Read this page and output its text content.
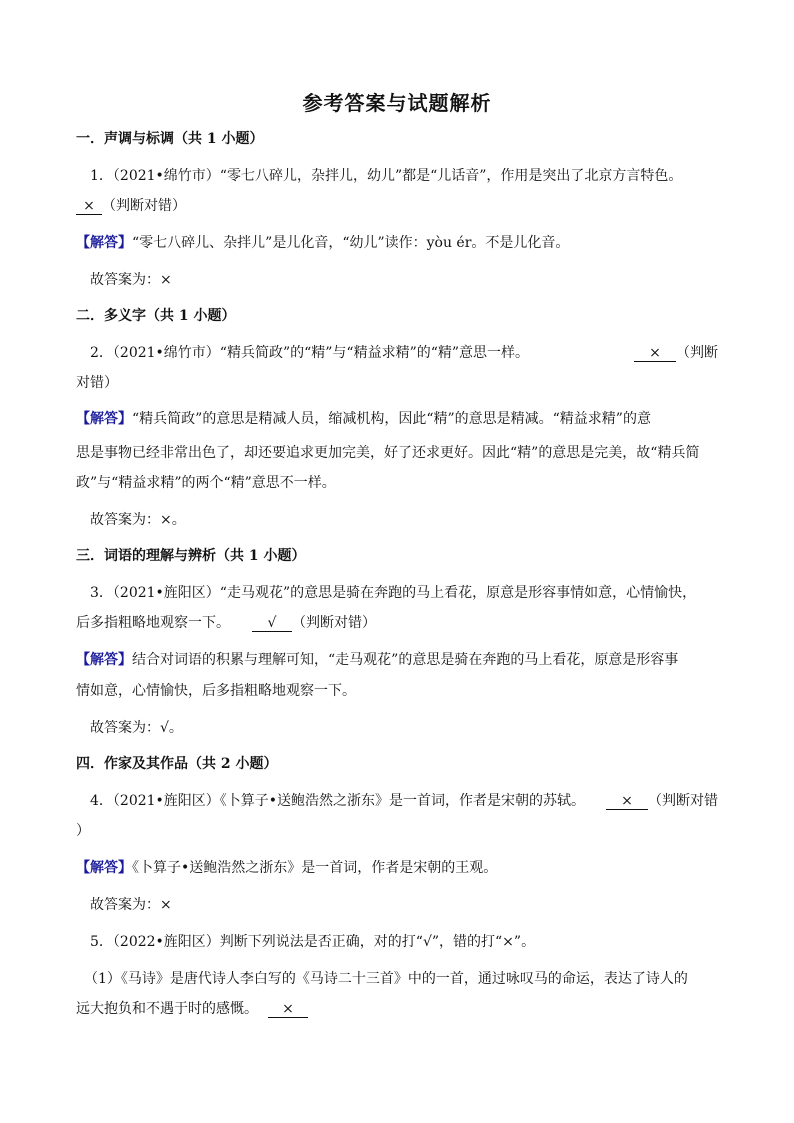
参考答案与试题解析
一．声调与标调（共 1 小题）
1．（2021•绵竹市）“零七八碎儿，杂拌儿，幼儿”都是“儿话音”，作用是突出了北京方言特色。
× （判断对错）
【解答】“零七八碎儿、杂拌儿”是儿化音，“幼儿”读作：yòu ér。不是儿化音。
故答案为：×
二．多义字（共 1 小题）
2．（2021•绵竹市）“精兵简政”的“精”与“精益求精”的“精”意思一样。	× （判断
对错）
【解答】“精兵简政”的意思是精减人员，缩减机构，因此“精”的意思是精减。“精益求精”的意
思是事物已经非常出色了，却还要追求更加完美，好了还求更好。因此“精”的意思是完美，故“精兵简
政”与“精益求精”的两个“精”意思不一样。
故答案为：×。
三．词语的理解与辨析（共 1 小题）
3．（2021•旌阳区）“走马观花”的意思是骑在奔跑的马上看花，原意是形容事情如意，心情愉快，
后多指粗略地观察一下。	√ （判断对错）
【解答】结合对词语的积累与理解可知，“走马观花”的意思是骑在奔跑的马上看花，原意是形容事
情如意，心情愉快，后多指粗略地观察一下。
故答案为：√。
四．作家及其作品（共 2 小题）
4．（2021•旌阳区）《卜算子•送鲍浩然之浙东》是一首词，作者是宋朝的苏轼。	× （判断对错
）
【解答】《卜算子•送鲍浩然之浙东》是一首词，作者是宋朝的王观。
故答案为：×
5．（2022•旌阳区）判断下列说法是否正确，对的打“√”，错的打“×”。
（1）《马诗》是唐代诗人李白写的《马诗二十三首》中的一首，通过咏叹马的命运，表达了诗人的
远大抱负和不遇于时的感慨。 ×
